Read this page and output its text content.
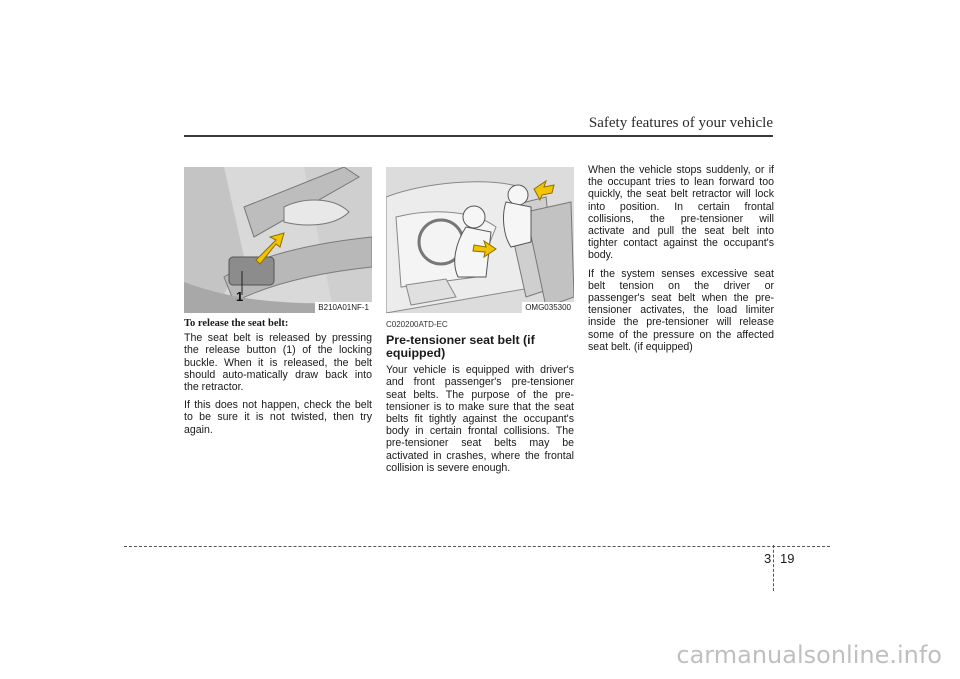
Safety features of your vehicle
1
B210A01NF-1
To release the seat belt:

The seat belt is released by pressing the release button (1) of the locking buckle. When it is released, the belt should auto-matically draw back into the retractor.

If this does not happen, check the belt to be sure it is not twisted, then try again.

OMG035300
C020200ATD-EC
Pre-tensioner seat belt (if equipped)

Your vehicle is equipped with driver's and front passenger's pre-tensioner seat belts. The purpose of the pre-tensioner is to make sure that the seat belts fit tightly against the occupant's body in certain frontal collisions. The pre-tensioner seat belts may be activated in crashes, where the frontal collision is severe enough.

When the vehicle stops suddenly, or if the occupant tries to lean forward too quickly, the seat belt retractor will lock into position. In certain frontal collisions, the pre-tensioner will activate and pull the seat belt into tighter contact against the occupant's body.

If the system senses excessive seat belt tension on the driver or passenger's seat belt when the pre-tensioner activates, the load limiter inside the pre-tensioner will release some of the pressure on the affected seat belt. (if equipped)

3 19
carmanualsonline.info
